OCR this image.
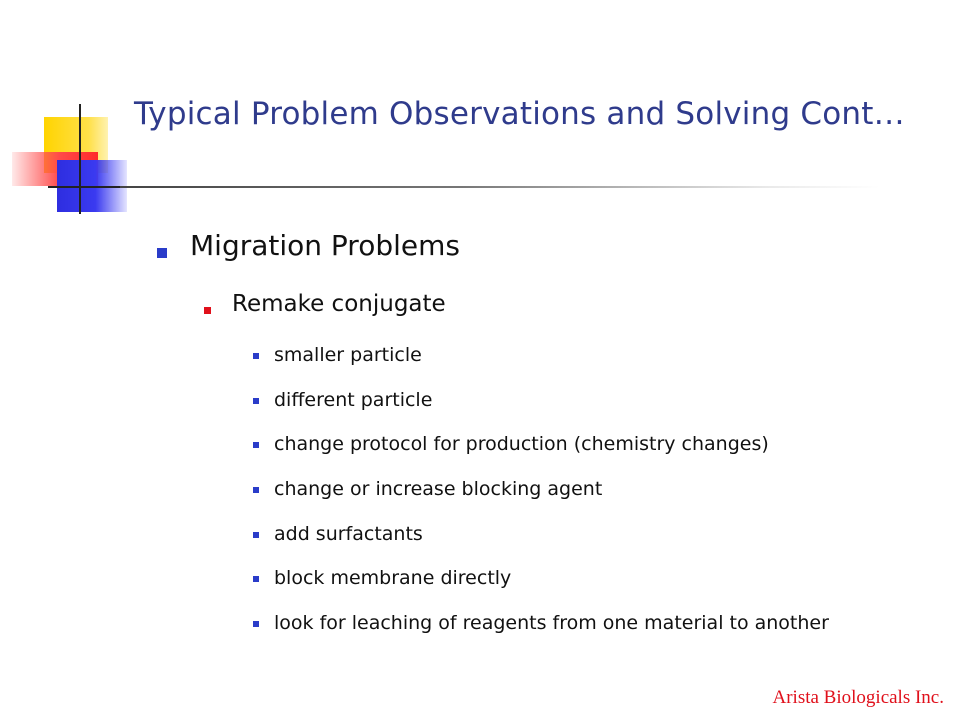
Typical Problem Observations and Solving Cont…
Migration Problems
Remake conjugate
smaller particle
different particle
change protocol for production (chemistry changes)
change or increase blocking agent
add surfactants
block membrane directly
look for leaching of reagents from one material to another
Arista Biologicals Inc.
